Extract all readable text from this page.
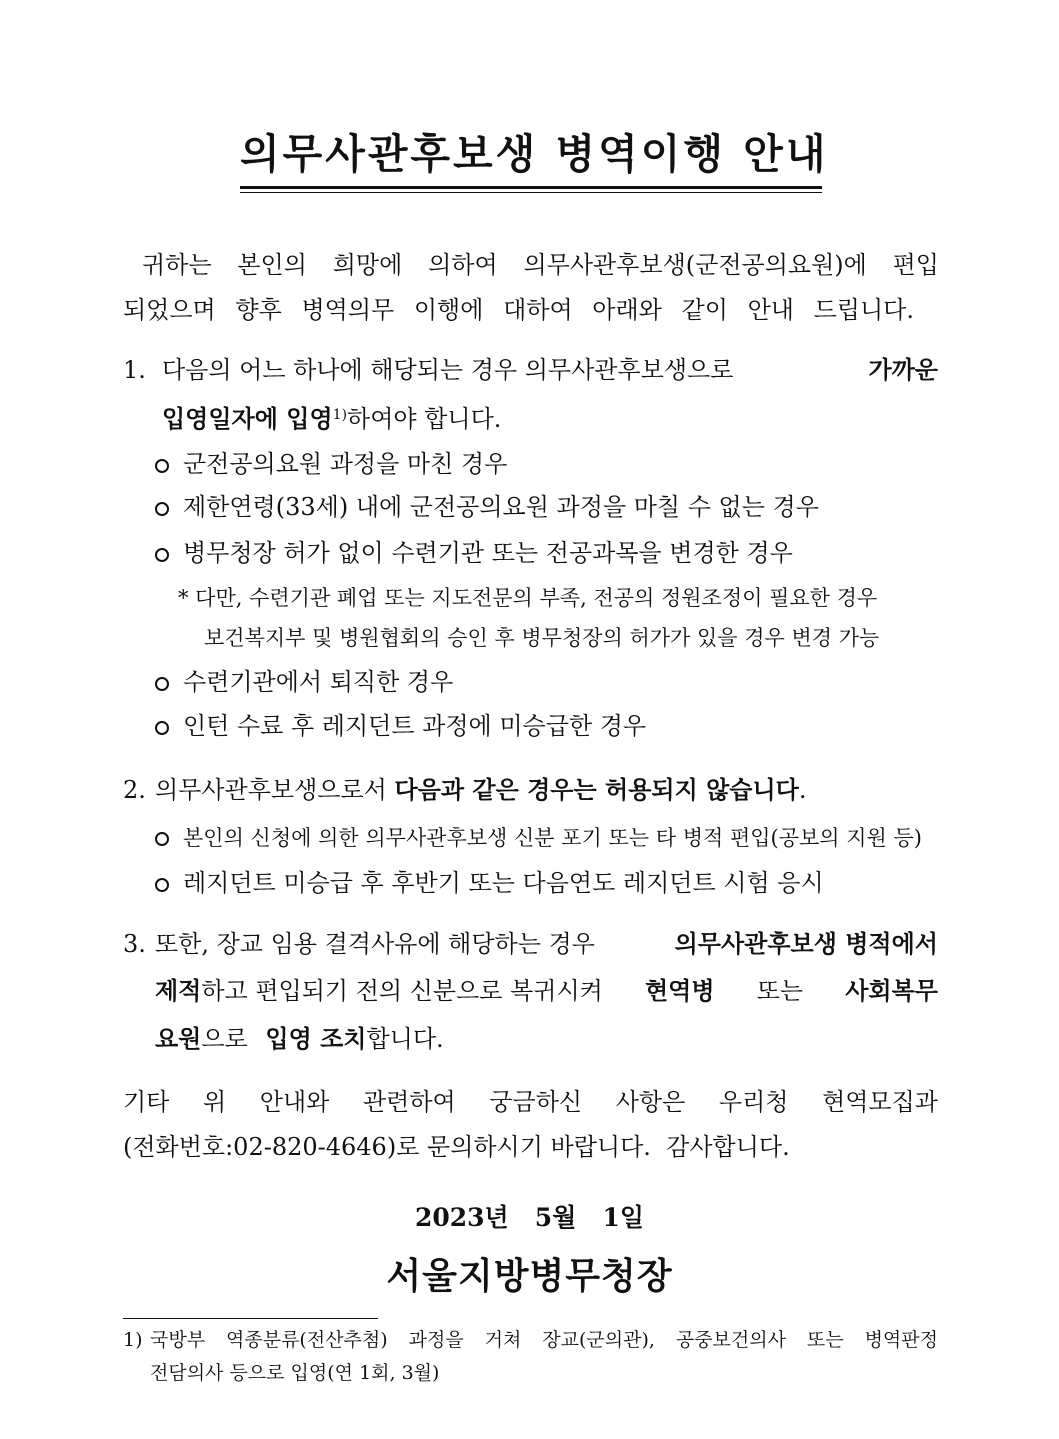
의무사관후보생 병역이행 안내
귀하는 본인의 희망에 의하여 의무사관후보생(군전공의요원)에 편입
되었으며 향후 병역의무 이행에 대하여 아래와 같이 안내 드립니다.
1. 다음의 어느 하나에 해당되는 경우 의무사관후보생으로	가까운
입영일자에 입영$^{1)}$하여야 합니다.
군전공의요원 과정을 마친 경우
제한연령(33세) 내에 군전공의요원 과정을 마칠 수 없는 경우
병무청장 허가 없이 수련기관 또는 전공과목을 변경한 경우
* 다만, 수련기관 폐업 또는 지도전문의 부족, 전공의 정원조정이 필요한 경우
보건복지부 및 병원협회의 승인 후 병무청장의 허가가 있을 경우 변경 가능
수련기관에서 퇴직한 경우
인턴 수료 후 레지던트 과정에 미승급한 경우
2. 의무사관후보생으로서 다음과 같은 경우는 허용되지 않습니다.
본인의 신청에 의한 의무사관후보생 신분 포기 또는 타 병적 편입(공보의 지원 등)
레지던트 미승급 후 후반기 또는 다음연도 레지던트 시험 응시
3. 또한, 장교 임용 결격사유에 해당하는 경우	의무사관후보생 병적에서
제적하고 편입되기 전의 신분으로 복귀시켜 현역병 또는 사회복무
요원으로 입영 조치합니다.
기타 위 안내와 관련하여 궁금하신 사항은 우리청 현역모집과
(전화번호:02-820-4646)로 문의하시기 바랍니다.  감사합니다.
2023년   5월   1일
서울지방병무청장
1) 국방부 역종분류(전산추첨) 과정을 거쳐 장교(군의관), 공중보건의사 또는 병역판정
전담의사 등으로 입영(연 1회, 3월)
